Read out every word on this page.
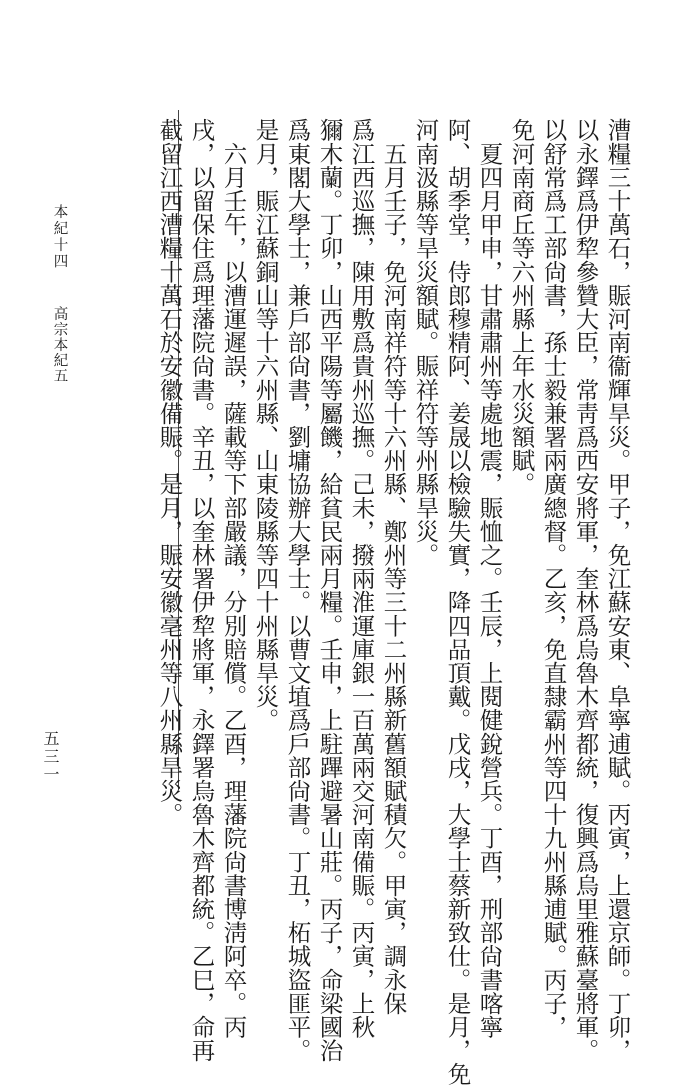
本紀十四高宗本紀五	漕糧三十萬石，賑河南衞輝旱災。甲子，免江蘇安東、阜寧逋賦。丙寅，上還京師。丁卯，
以永鐸爲伊犂參贊大臣，常靑爲西安將軍，奎林爲烏魯木齊都統，復興爲烏里雅蘇臺將軍。
以舒常爲工部尙書，孫士毅兼署兩廣總督。乙亥，免直隸霸州等四十九州縣逋賦。丙子，
免河南商丘等六州縣上年水災額賦。
　夏四月甲申，甘肅肅州等處地震，賑恤之。壬辰，上閱健銳營兵。丁酉，刑部尙書喀寧
阿、胡季堂，侍郎穆精阿、姜晟以檢驗失實，降四品頂戴。戊戌，大學士蔡新致仕。是月，免
河南汲縣等旱災額賦。賑祥符等州縣旱災。
　五月壬子，免河南祥符等十六州縣、鄭州等三十二州縣新舊額賦積欠。甲寅，調永保
爲江西巡撫，陳用敷爲貴州巡撫。己未，撥兩淮運庫銀一百萬兩交河南備賑。丙寅，上秋
獮木蘭。丁卯，山西平陽等屬饑，給貧民兩月糧。壬申，上駐蹕避暑山莊。丙子，命梁國治
爲東閣大學士，兼戶部尙書，劉墉協辦大學士。以曹文埴爲戶部尙書。丁丑，柘城盜匪平。
是月，賑江蘇銅山等十六州縣、山東陵縣等四十州縣旱災。
　六月壬午，以漕運遲誤，薩載等下部嚴議，分別賠償。乙酉，理藩院尙書博淸阿卒。丙
戌，以留保住爲理藩院尙書。辛丑，以奎林署伊犂將軍，永鐸署烏魯木齊都統。乙巳，命再
截留江西漕糧十萬石於安徽備賑。是月，賑安徽亳州等八州縣旱災。
五三一
